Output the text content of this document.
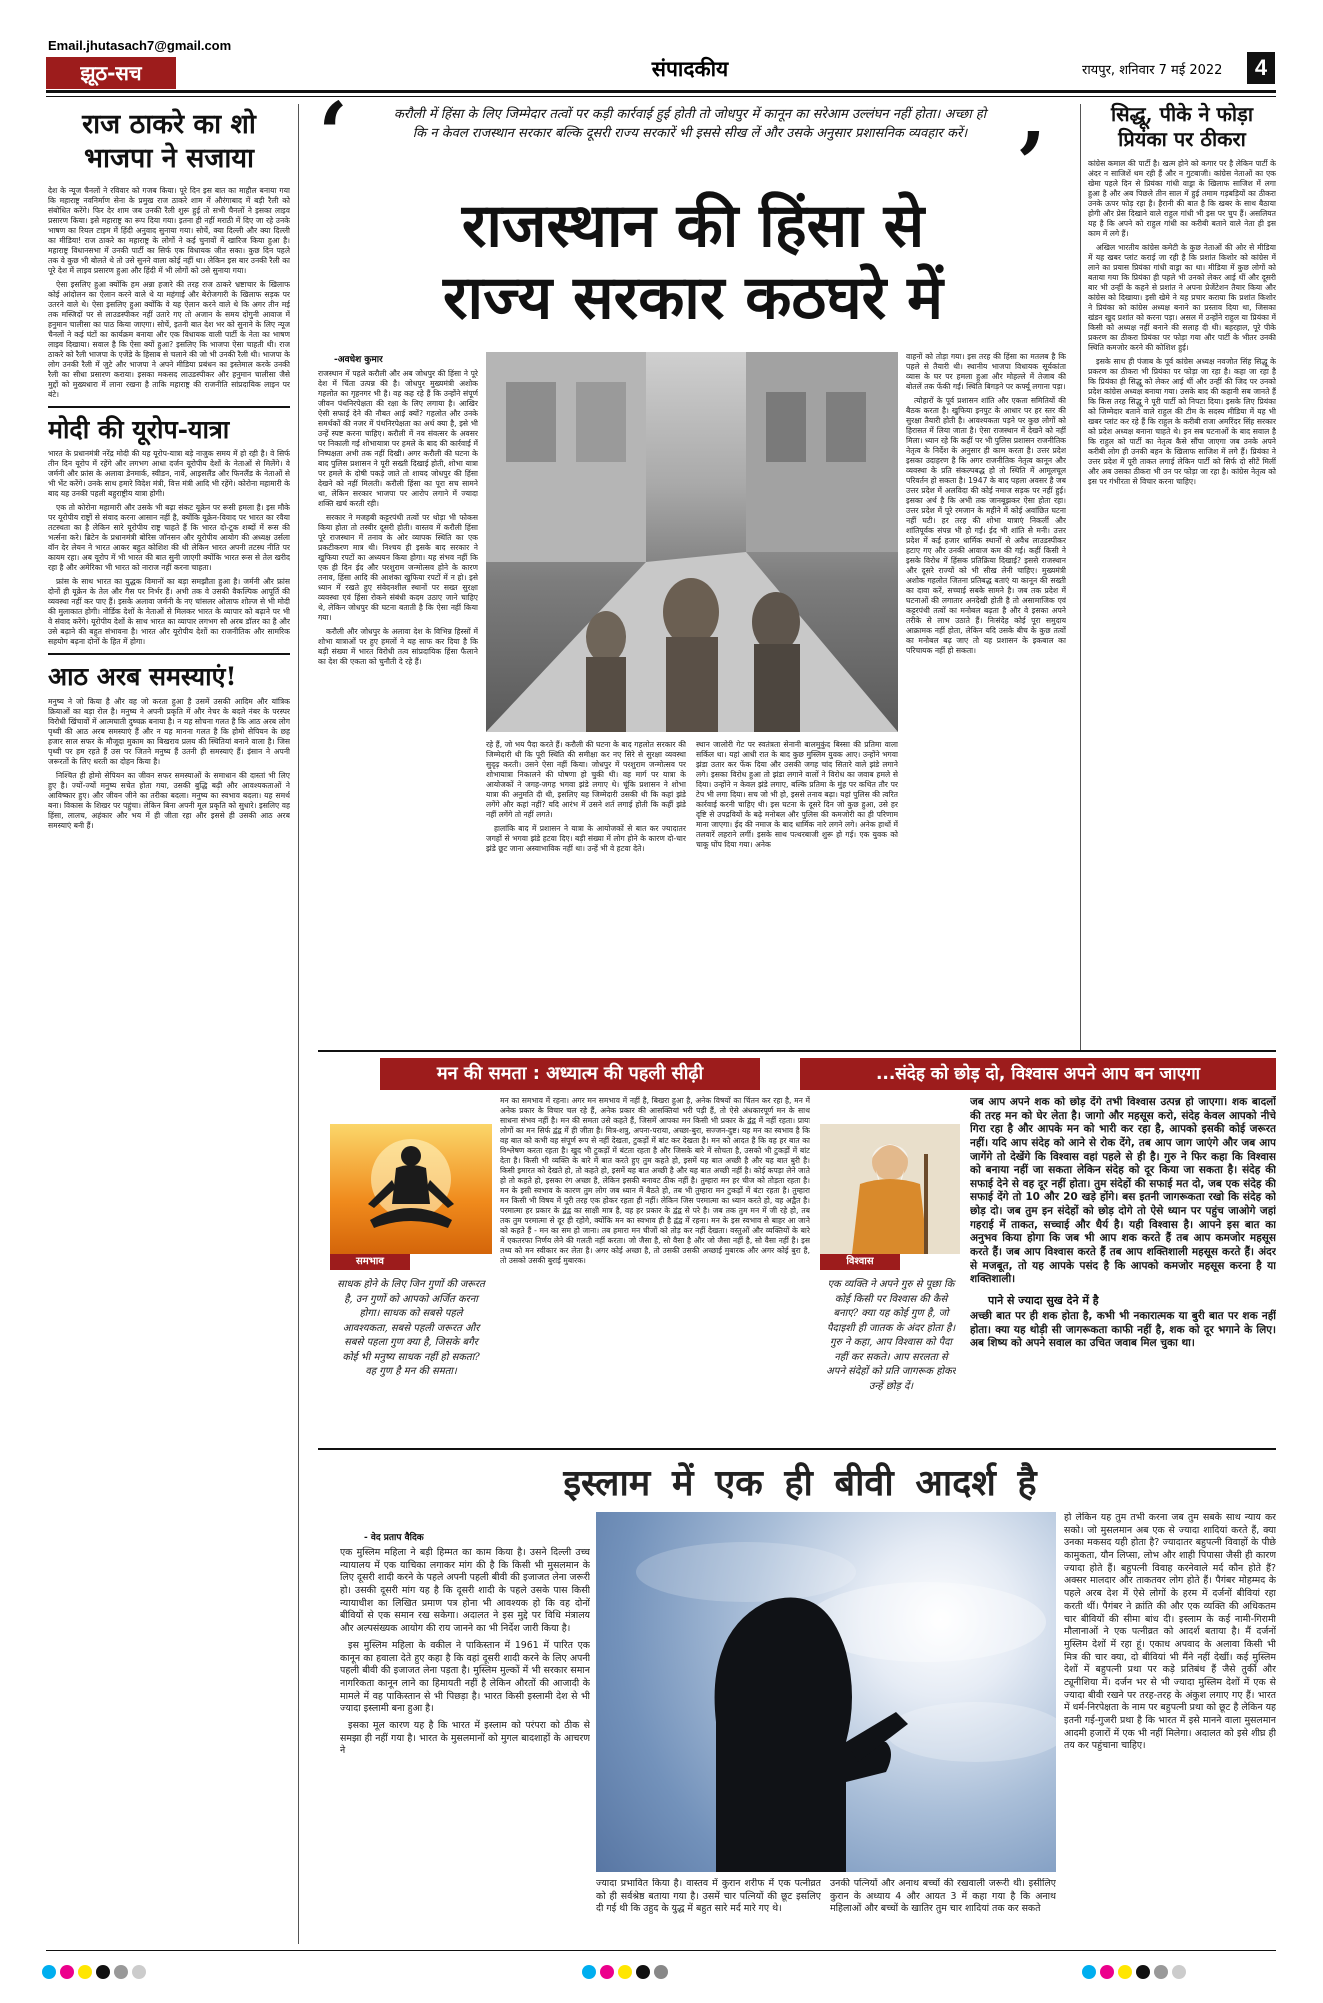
Email.jhutasach7@gmail.com
झूठ-सच	संपादकीय	रायपुर, शनिवार 7 मई 2022	4
राज ठाकरे का शो भाजपा ने सजाया

देश के न्यूज चैनलों ने रविवार को गजब किया। पूरे दिन इस बात का माहौल बनाया गया कि महाराष्ट्र नवनिर्माण सेना के प्रमुख राज ठाकरे शाम में औरंगाबाद में बड़ी रैली को संबोधित करेंगे। फिर देर शाम जब उनकी रैली शुरू हुई तो सभी चैनलों ने इसका लाइव प्रसारण किया। इसे महाराष्ट्र का रूप दिया गया। इतना ही नहीं मराठी में दिए जा रहे उनके भाषण का रियल टाइम में हिंदी अनुवाद सुनाया गया। सोचें, क्या दिल्ली और क्या दिल्ली का मीडिया! राज ठाकरे का महाराष्ट्र के लोगों ने कई चुनावों में खारिज किया हुआ है। महाराष्ट्र विधानसभा में उनकी पार्टी का सिर्फ एक विधायक जीत सका। कुछ दिन पहले तक वे कुछ भी बोलते थे तो उसे सुनने वाला कोई नहीं था। लेकिन इस बार उनकी रैली का पूरे देश में लाइव प्रसारण हुआ और हिंदी में भी लोगों को उसे सुनाया गया।

ऐसा इसलिए हुआ क्योंकि हम अन्ना हजारे की तरह राज ठाकरे भ्रष्टाचार के खिलाफ कोई आंदोलन का ऐलान करने वाले थे या महंगाई और बेरोजगारी के खिलाफ सड़क पर उतरने वाले थे। ऐसा इसलिए हुआ क्योंकि वे यह ऐलान करने वाले थे कि अगर तीन मई तक मस्जिदों पर से लाउडस्पीकर नहीं उतारे गए तो अजान के समय दोगुनी आवाज में हनुमान चालीसा का पाठ किया जाएगा। सोचें, इतनी बात देश भर को सुनाने के लिए न्यूज चैनलों ने कई घंटों का कार्यक्रम बनाया और एक विधायक वाली पार्टी के नेता का भाषण लाइव दिखाया। सवाल है कि ऐसा क्यों हुआ? इसलिए कि भाजपा ऐसा चाहती थी। राज ठाकरे को रैली भाजपा के एजेंडे के हिसाब से चलाने की जो भी उनकी रैली थी। भाजपा के लोग उनकी रैली में जुटे और भाजपा ने अपने मीडिया प्रबंधन का इस्तेमाल करके उनकी रैली का सीधा प्रसारण कराया। इसका मकसद लाउडस्पीकर और हनुमान चालीसा जैसे मुद्दों को मुख्यधारा में लाना रखना है ताकि महाराष्ट्र की राजनीति सांप्रदायिक लाइन पर बंटे।

मोदी की यूरोप-यात्रा

भारत के प्रधानमंत्री नरेंद्र मोदी की यह यूरोप-यात्रा बड़े नाजुक समय में हो रही है। वे सिर्फ तीन दिन यूरोप में रहेंगे और लगभग आधा दर्जन यूरोपीय देशों के नेताओं से मिलेंगे। वे जर्मनी और फ्रांस के अलावा डेनमार्क, स्वीडन, नार्वे, आइसलैंड और फिनलैंड के नेताओं से भी भेंट करेंगे। उनके साथ हमारे विदेश मंत्री, वित्त मंत्री आदि भी रहेंगे। कोरोना महामारी के बाद यह उनकी पहली बहुराष्ट्रीय यात्रा होगी।

एक तो कोरोना महामारी और उसके भी बढ़ा संकट यूक्रेन पर रूसी हमला है। इस मौके पर यूरोपीय राष्ट्रों से संवाद करना आसान नहीं है, क्योंकि यूक्रेन-विवाद पर भारत का रवैया तटस्थता का है लेकिन सारे यूरोपीय राष्ट्र चाहते हैं कि भारत दो-टूक शब्दों में रूस की भर्त्सना करे। ब्रिटेन के प्रधानमंत्री बोरिस जॉनसन और यूरोपीय आयोग की अध्यक्ष उर्सला वॉन देर लेयन ने भारत आकर बहुत कोशिश की थी लेकिन भारत अपनी तटस्थ नीति पर कायम रहा। अब यूरोप में भी भारत की बात सुनी जाएगी क्योंकि भारत रूस से तेल खरीद रहा है और अमेरिका भी भारत को नाराज नहीं करना चाहता।

फ्रांस के साथ भारत का युद्धक विमानों का बड़ा समझौता हुआ है। जर्मनी और फ्रांस दोनों ही यूक्रेन के तेल और गैस पर निर्भर हैं। अभी तक वे उसकी वैकल्पिक आपूर्ति की व्यवस्था नहीं कर पाए हैं। इसके अलावा जर्मनी के नए चांसलर ओलाफ शोल्ज से भी मोदी की मुलाकात होगी। नोर्डिक देशों के नेताओं से मिलकर भारत के व्यापार को बढ़ाने पर भी वे संवाद करेंगे। यूरोपीय देशों के साथ भारत का व्यापार लगभग सौ अरब डॉलर का है और उसे बढ़ाने की बहुत संभावना है। भारत और यूरोपीय देशों का राजनीतिक और सामरिक सहयोग बढ़ना दोनों के हित में होगा।

आठ अरब समस्याएं!

मनुष्य ने जो किया है और वह जो करता हुआ है उसमें उसकी आदिम और यांत्रिक क्रियाओं का बड़ा रोल है। मनुष्य ने अपनी प्रकृति में और नेचर के बदले नंबर के परस्पर विरोधी खिंचावों में आत्मघाती दुष्चक्र बनाया है। न यह सोचना गलत है कि आठ अरब लोग पृथ्वी की आठ अरब समस्याएं हैं और न यह मानना गलत है कि होमो सेपियन के छह हजार साल सफर के मौजूदा मुकाम का बिखराव प्रलय की स्थितियां बनाने वाला है। जिस पृथ्वी पर हम रहते हैं उस पर जितने मनुष्य हैं उतनी ही समस्याएं हैं। इंसान ने अपनी जरूरतों के लिए धरती का दोहन किया है।

निश्चित ही होमो सेपियन का जीवन सफर समस्याओं के समाधान की दास्तां भी लिए हुए है। ज्यों-ज्यों मनुष्य सचेत होता गया, उसकी बुद्धि बढ़ी और आवश्यकताओं ने आविष्कार हुए। और जीवन जीने का तरीका बदला। मनुष्य का स्वभाव बदला। यह समर्थ बना। विकास के शिखर पर पहुंचा। लेकिन बिना अपनी मूल प्रकृति को सुधारे। इसलिए वह हिंसा, लालच, अहंकार और भय में ही जीता रहा और इससे ही उसकी आठ अरब समस्याएं बनी हैं।

‘	करौली में हिंसा के लिए जिम्मेदार तत्वों पर कड़ी कार्रवाई हुई होती तो जोधपुर में कानून का सरेआम उल्लंघन नहीं होता। अच्छा हो कि न केवल राजस्थान सरकार बल्कि दूसरी राज्य सरकारें भी इससे सीख लें और उसके अनुसार प्रशासनिक व्यवहार करें। ’
राजस्थान की हिंसा से
राज्य सरकार कठघरे में
-अवधेश कुमार

राजस्थान में पहले करौली और अब जोधपुर की हिंसा ने पूरे देश में चिंता उत्पन्न की है। जोधपुर मुख्यमंत्री अशोक गहलोत का गृहनगर भी है। वह कह रहे हैं कि उन्होंने संपूर्ण जीवन पंथनिरपेक्षता की रक्षा के लिए लगाया है। आखिर ऐसी सफाई देने की नौबत आई क्यों? गहलोत और उनके समर्थकों की नजर में पंथनिरपेक्षता का अर्थ क्या है, इसे भी उन्हें स्पष्ट करना चाहिए। करौली में नव संवत्सर के अवसर पर निकाली गई शोभायात्रा पर हमले के बाद की कार्रवाई में निष्पक्षता अभी तक नहीं दिखी। अगर करौली की घटना के बाद पुलिस प्रशासन ने पूरी सख्ती दिखाई होती, शोभा यात्रा पर हमले के दोषी पकड़े जाते तो शायद जोधपुर की हिंसा देखने को नहीं मिलती। करौली हिंसा का पूरा सच सामने था, लेकिन सरकार भाजपा पर आरोप लगाने में ज्यादा शक्ति खर्च करती रही।

सरकार ने मजहबी कट्टरपंथी तत्वों पर थोड़ा भी फोकस किया होता तो तस्वीर दूसरी होती। वास्तव में करौली हिंसा पूरे राजस्थान में तनाव के ओर व्यापक स्थिति का एक प्रकटीकरण मात्र थी। निश्चय ही इसके बाद सरकार ने खुफिया रपटों का अध्ययन किया होगा। यह संभव नहीं कि एक ही दिन ईद और परशुराम जन्मोत्सव होने के कारण तनाव, हिंसा आदि की आशंका खुफिया रपटों में न हो। इसे ध्यान में रखते हुए संवेदनशील स्थानों पर सख्त सुरक्षा व्यवस्था एवं हिंसा रोकने संबंधी कदम उठाए जाने चाहिए थे, लेकिन जोधपुर की घटना बताती है कि ऐसा नहीं किया गया।

करौली और जोधपुर के अलावा देश के विभिन्न हिस्सों में शोभा यात्राओं पर हुए हमलों ने यह साफ कर दिया है कि बड़ी संख्या में भारत विरोधी तत्व सांप्रदायिक हिंसा फैलाने का देश की एकता को चुनौती दे रहे हैं।

वाहनों को तोड़ा गया। इस तरह की हिंसा का मतलब है कि पहले से तैयारी थी। स्थानीय भाजपा विधायक सूर्यकांता व्यास के घर पर हमला हुआ और मोहल्ले में तेजाब की बोतलें तक फेंकी गईं। स्थिति बिगड़ने पर कर्फ्यू लगाना पड़ा।

त्योहारों के पूर्व प्रशासन शांति और एकता समितियों की बैठक करता है। खुफिया इनपुट के आधार पर हर स्तर की सुरक्षा तैयारी होती है। आवश्यकता पड़ने पर कुछ लोगों को हिरासत में लिया जाता है। ऐसा राजस्थान में देखने को नहीं मिला। ध्यान रहे कि कहीं पर भी पुलिस प्रशासन राजनीतिक नेतृत्व के निर्देश के अनुसार ही काम करता है। उत्तर प्रदेश इसका उदाहरण है कि अगर राजनीतिक नेतृत्व कानून और व्यवस्था के प्रति संकल्पबद्ध हो तो स्थिति में आमूलचूल परिवर्तन हो सकता है। 1947 के बाद पहला अवसर है जब उत्तर प्रदेश में अलविदा की कोई नमाज सड़क पर नहीं हुई। इसका अर्थ है कि अभी तक जानबूझकर ऐसा होता रहा। उत्तर प्रदेश में पूरे रमजान के महीने में कोई अवांछित घटना नहीं घटी। हर तरह की शोभा यात्राएं निकलीं और शांतिपूर्वक संपन्न भी हो गईं। ईद भी शांति से मनी। उत्तर प्रदेश में कई हजार धार्मिक स्थानों से अवैध लाउडस्पीकर हटाए गए और उनकी आवाज कम की गई। कहीं किसी ने इसके विरोध में हिंसक प्रतिक्रिया दिखाई? इससे राजस्थान और दूसरे राज्यों को भी सीख लेनी चाहिए। मुख्यमंत्री अशोक गहलोत जितना प्रतिबद्ध बताएं या कानून की सख्ती का दावा करें, सच्चाई सबके सामने है। जब तक प्रदेश में घटनाओं की लगातार अनदेखी होती है तो असामाजिक एवं कट्टरपंथी तत्वों का मनोबल बढ़ता है और वे इसका अपने तरीके से लाभ उठाते हैं। निःसंदेह कोई पूरा समुदाय आक्रामक नहीं होता, लेकिन यदि उसके बीच के कुछ तत्वों का मनोबल बढ़ जाए तो यह प्रशासन के इकबाल का परिचायक नहीं हो सकता।

रहे हैं, जो भय पैदा करते हैं। करौली की घटना के बाद गहलोत सरकार की जिम्मेदारी थी कि पूरी स्थिति की समीक्षा कर नए सिरे से सुरक्षा व्यवस्था सुदृढ़ करती। उसने ऐसा नहीं किया। जोधपुर में परशुराम जन्मोत्सव पर शोभायात्रा निकालने की घोषणा हो चुकी थी। वह मार्ग पर यात्रा के आयोजकों ने जगह-जगह भगवा झंडे लगाए थे। चूंकि प्रशासन ने शोभा यात्रा की अनुमति दी थी, इसलिए यह जिम्मेदारी उसकी थी कि कहां झंडे लगेंगे और कहां नहीं? यदि आरंभ में उसने शर्त लगाई होती कि कहीं झंडे नहीं लगेंगे तो नहीं लगते।

हालांकि बाद में प्रशासन ने यात्रा के आयोजकों से बात कर ज्यादातर जगहों से भगवा झंडे हटवा दिए। बड़ी संख्या में लोग होने के कारण दो-चार झंडे छूट जाना अस्वाभाविक नहीं था। उन्हें भी वे हटवा देते।

स्थान जालोरी गेट पर स्वतंत्रता सेनानी बालमुकुंद बिस्सा की प्रतिमा वाला सर्किल था। यहां आधी रात के बाद कुछ मुस्लिम युवक आए। उन्होंने भगवा झंडा उतार कर फेंक दिया और उसकी जगह चांद सितारे वाले झंडे लगाने लगे। इसका विरोध हुआ तो झंडा लगाने वालों ने विरोध का जवाब हमले से दिया। उन्होंने न केवल झंडे लगाए, बल्कि प्रतिमा के मुंह पर कथित तौर पर टेप भी लगा दिया। सच जो भी हो, इससे तनाव बढ़ा। यहां पुलिस की त्वरित कार्रवाई करनी चाहिए थी। इस घटना के दूसरे दिन जो कुछ हुआ, उसे हर दृष्टि से उपद्रवियों के बढ़े मनोबल और पुलिस की कमजोरी का ही परिणाम माना जाएगा। ईद की नमाज के बाद धार्मिक नारे लगने लगे। अनेक हाथों में तलवारें लहराने लगीं। इसके साथ पत्थरबाजी शुरू हो गई। एक युवक को चाकू घोंप दिया गया। अनेक

सिद्धू, पीके ने फोड़ा प्रियंका पर ठीकरा

कांग्रेस कमाल की पार्टी है। खत्म होने को कगार पर है लेकिन पार्टी के अंदर न साजिशें थम रही हैं और न गुटबाजी। कांग्रेस नेताओं का एक खेमा पहले दिन से प्रियंका गांधी वाड्रा के खिलाफ साजिश में लगा हुआ है और अब पिछले तीन साल में हुई तमाम गड़बड़ियों का ठीकरा उनके ऊपर फोड़ रहा है। हैरानी की बात है कि खबर के साथ बैठाया होगी और प्रेस दिखाने वाले राहुल गांधी भी इस पर चुप हैं। असलियत यह है कि अपने को राहुल गांधी का करीबी बताने वाले नेता ही इस काम में लगे हैं।

अखिल भारतीय कांग्रेस कमेटी के कुछ नेताओं की ओर से मीडिया में यह खबर प्लांट कराई जा रही है कि प्रशांत किशोर को कांग्रेस में लाने का प्रयास प्रियंका गांधी वाड्रा का था। मीडिया में कुछ लोगों को बताया गया कि प्रियंका ही पहले भी उनको लेकर आई थीं और दूसरी बार भी उन्हीं के कहने से प्रशांत ने अपना प्रेजेंटेशन तैयार किया और कांग्रेस को दिखाया। इसी खेमे ने यह प्रचार कराया कि प्रशांत किशोर ने प्रियंका को कांग्रेस अध्यक्ष बनाने का प्रस्ताव दिया था, जिसका खंडन खुद प्रशांत को करना पड़ा। असल में उन्होंने राहुल या प्रियंका में किसी को अध्यक्ष नहीं बनाने की सलाह दी थी। बहरहाल, पूरे पीके प्रकरण का ठीकरा प्रियंका पर फोड़ा गया और पार्टी के भीतर उनकी स्थिति कमजोर करने की कोशिश हुई।

इसके साथ ही पंजाब के पूर्व कांग्रेस अध्यक्ष नवजोत सिंह सिद्धू के प्रकरण का ठीकरा भी प्रियंका पर फोड़ा जा रहा है। कहा जा रहा है कि प्रियंका ही सिद्धू को लेकर आई थीं और उन्हीं की जिद पर उनको प्रदेश कांग्रेस अध्यक्ष बनाया गया। उसके बाद की कहानी सब जानते हैं कि किस तरह सिद्धू ने पूरी पार्टी को निपटा दिया। इसके लिए प्रियंका को जिम्मेदार बताने वाले राहुल की टीम के सदस्य मीडिया में यह भी खबर प्लांट कर रहे हैं कि राहुल के करीबी राजा अमरिंदर सिंह सरकार को प्रदेश अध्यक्ष बनाना चाहते थे। इन सब घटनाओं के बाद सवाल है कि राहुल को पार्टी का नेतृत्व कैसे सौंपा जाएगा जब उनके अपने करीबी लोग ही उनकी बहन के खिलाफ साजिश में लगे हैं। प्रियंका ने उत्तर प्रदेश में पूरी ताकत लगाई लेकिन पार्टी को सिर्फ दो सीटें मिलीं और अब उसका ठीकरा भी उन पर फोड़ा जा रहा है। कांग्रेस नेतृत्व को इस पर गंभीरता से विचार करना चाहिए।

मन की समता : अध्यात्म की पहली सीढ़ी	...संदेह को छोड़ दो, विश्वास अपने आप बन जाएगा
समभाव

साधक होने के लिए जिन गुणों की जरूरत है, उन गुणों को आपको अर्जित करना होगा। साधक को सबसे पहले आवश्यकता, सबसे पहली जरूरत और सबसे पहला गुण क्या है, जिसके बगैर कोई भी मनुष्य साधक नहीं हो सकता? वह गुण है मन की समता।

मन का समभाव में रहना। अगर मन समभाव में नहीं है, बिखरा हुआ है, अनेक विषयों का चिंतन कर रहा है, मन में अनेक प्रकार के विचार चल रहे हैं, अनेक प्रकार की आसक्तियां भरी पड़ी हैं, तो ऐसे अंधकारपूर्ण मन के साथ साधना संभव नहीं है। मन की समता उसे कहते हैं, जिसमें आपका मन किसी भी प्रकार के द्वंद्व में नहीं रहता। प्रायः लोगों का मन सिर्फ द्वंद्व में ही जीता है। मित्र-शत्रु, अपना-पराया, अच्छा-बुरा, सज्जन-दुष्ट। यह मन का स्वभाव है कि वह बात को कभी वह संपूर्ण रूप से नहीं देखता, टुकड़ों में बांट कर देखता है। मन को आदत है कि वह हर बात का विश्लेषण करता रहता है। खुद भी टुकड़ों में बंटता रहता है और जिसके बारे में सोचता है, उसको भी टुकड़ों में बांट देता है। किसी भी व्यक्ति के बारे में बात करते हुए तुम कहते हो, इसमें यह बात अच्छी है और यह बात बुरी है। किसी इमारत को देखते हो, तो कहते हो, इसमें यह बात अच्छी है और यह बात अच्छी नहीं है। कोई कपड़ा लेने जाते हो तो कहते हो, इसका रंग अच्छा है, लेकिन इसकी बनावट ठीक नहीं है। तुम्हारा मन हर चीज को तोड़ता रहता है। मन के इसी स्वभाव के कारण तुम लोग जब ध्यान में बैठते हो, तब भी तुम्हारा मन टुकड़ों में बंटा रहता है। तुम्हारा मन किसी भी विषय में पूरी तरह एक होकर रहता ही नहीं। लेकिन जिस परमात्मा का ध्यान करते हो, वह अद्वैत है। परमात्मा हर प्रकार के द्वंद्व का साक्षी मात्र है, वह हर प्रकार के द्वंद्व से परे है। जब तक तुम मन में जी रहे हो, तब तक तुम परमात्मा से दूर ही रहोगे, क्योंकि मन का स्वभाव ही है द्वंद्व में रहना। मन के इस स्वभाव से बाहर आ जाने को कहते हैं - मन का सम हो जाना। तब हमारा मन चीजों को तोड़ कर नहीं देखता। वस्तुओं और व्यक्तियों के बारे में एकतरफा निर्णय लेने की गलती नहीं करता। जो जैसा है, सो वैसा है और जो जैसा नहीं है, सो वैसा नहीं है। इस तथ्य को मन स्वीकार कर लेता है। अगर कोई अच्छा है, तो उसकी उसकी अच्छाई मुबारक और अगर कोई बुरा है, तो उसको उसकी बुराई मुबारक।	विश्वास

एक व्यक्ति ने अपने गुरु से पूछा कि कोई किसी पर विश्वास की कैसे बनाए? क्या यह कोई गुण है, जो पैदाइशी ही जातक के अंदर होता है। गुरु ने कहा, आप विश्वास को पैदा नहीं कर सकते। आप सरलता से अपने संदेहों को प्रति जागरूक होकर उन्हें छोड़ दें।

जब आप अपने शक को छोड़ देंगे तभी विश्वास उत्पन्न हो जाएगा। शक बादलों की तरह मन को घेर लेता है। जागो और महसूस करो, संदेह केवल आपको नीचे गिरा रहा है और आपके मन को भारी कर रहा है, आपको इसकी कोई जरूरत नहीं। यदि आप संदेह को आने से रोक देंगे, तब आप जाग जाएंगे और जब आप जागेंगे तो देखेंगे कि विश्वास वहां पहले से ही है। गुरु ने फिर कहा कि विश्वास को बनाया नहीं जा सकता लेकिन संदेह को दूर किया जा सकता है। संदेह की सफाई देने से वह दूर नहीं होता। तुम संदेहों की सफाई मत दो, जब एक संदेह की सफाई देंगे तो 10 और 20 खड़े होंगे। बस इतनी जागरूकता रखो कि संदेह को छोड़ दो। जब तुम इन संदेहों को छोड़ दोगे तो ऐसे ध्यान पर पहुंच जाओगे जहां गहराई में ताकत, सच्चाई और धैर्य है। यही विश्वास है। आपने इस बात का अनुभव किया होगा कि जब भी आप शक करते हैं तब आप कमजोर महसूस करते हैं। जब आप विश्वास करते हैं तब आप शक्तिशाली महसूस करते हैं। अंदर से मजबूत, तो यह आपके पसंद है कि आपको कमजोर महसूस करना है या शक्तिशाली।

पाने से ज्यादा सुख देने में है

अच्छी बात पर ही शक होता है, कभी भी नकारात्मक या बुरी बात पर शक नहीं होता। क्या यह थोड़ी सी जागरूकता काफी नहीं है, शक को दूर भगाने के लिए। अब शिष्य को अपने सवाल का उचित जवाब मिल चुका था।

इस्लाम में एक ही बीवी आदर्श है
- वेद प्रताप वैदिक

एक मुस्लिम महिला ने बड़ी हिम्मत का काम किया है। उसने दिल्ली उच्च न्यायालय में एक याचिका लगाकर मांग की है कि किसी भी मुसलमान के लिए दूसरी शादी करने के पहले अपनी पहली बीवी की इजाजत लेना जरूरी हो। उसकी दूसरी मांग यह है कि दूसरी शादी के पहले उसके पास किसी न्यायाधीश का लिखित प्रमाण पत्र होना भी आवश्यक हो कि वह दोनों बीवियों से एक समान रख सकेगा। अदालत ने इस मुद्दे पर विधि मंत्रालय और अल्पसंख्यक आयोग की राय जानने का भी निर्देश जारी किया है।

इस मुस्लिम महिला के वकील ने पाकिस्तान में 1961 में पारित एक कानून का हवाला देते हुए कहा है कि वहां दूसरी शादी करने के लिए अपनी पहली बीवी की इजाजत लेना पड़ता है। मुस्लिम मुल्कों में भी सरकार समान नागरिकता कानून लाने का हिमायती नहीं है लेकिन औरतों की आजादी के मामले में वह पाकिस्तान से भी पिछड़ा है। भारत किसी इस्लामी देश से भी ज्यादा इस्लामी बना हुआ है।

इसका मूल कारण यह है कि भारत में इस्लाम को परंपरा को ठीक से समझा ही नहीं गया है। भारत के मुसलमानों को मुगल बादशाहों के आचरण ने

ज्यादा प्रभावित किया है। वास्तव में कुरान शरीफ में एक पत्नीव्रत को ही सर्वश्रेष्ठ बताया गया है। उसमें चार पत्नियों की छूट इसलिए दी गई थी कि उहुद के युद्ध में बहुत सारे मर्द मारे गए थे।

उनकी पत्नियों और अनाथ बच्चों की रखवाली जरूरी थी। इसीलिए कुरान के अध्याय 4 और आयत 3 में कहा गया है कि अनाथ महिलाओं और बच्चों के खातिर तुम चार शादियां तक कर सकते

हो लेकिन यह तुम तभी करना जब तुम सबके साथ न्याय कर सको। जो मुसलमान अब एक से ज्यादा शादियां करते हैं, क्या उनका मकसद यही होता है? ज्यादातर बहुपत्नी विवाहों के पीछे कामुकता, यौन लिप्सा, लोभ और शाही पिपासा जैसी ही कारण ज्यादा होते हैं। बहुपत्नी विवाह करनेवाले मर्द कौन होते हैं? अक्सर मालदार और ताकतवर लोग होते हैं। पैगंबर मोहम्मद के पहले अरब देश में ऐसे लोगों के हरम में दर्जनों बीवियां रहा करती थीं। पैगंबर ने क्रांति की और एक व्यक्ति की अधिकतम चार बीवियों की सीमा बांध दी। इस्लाम के कई नामी-गिरामी मौलानाओं ने एक पत्नीव्रत को आदर्श बताया है। मैं दर्जनों मुस्लिम देशों में रहा हूं। एकाध अपवाद के अलावा किसी भी मित्र की चार क्या, दो बीवियां भी मैंने नहीं देखीं। कई मुस्लिम देशों में बहुपत्नी प्रथा पर कड़े प्रतिबंध हैं जैसे तुर्की और ट्यूनीशिया में। दर्जन भर से भी ज्यादा मुस्लिम देशों में एक से ज्यादा बीवी रखने पर तरह-तरह के अंकुश लगाए गए हैं। भारत में धर्म-निरपेक्षता के नाम पर बहुपत्नी प्रथा को छूट है लेकिन यह इतनी गई-गुजरी प्रथा है कि भारत में इसे मानने वाला मुसलमान आदमी हजारों में एक भी नहीं मिलेगा। अदालत को इसे शीघ्र ही तय कर पहुंचाना चाहिए।
